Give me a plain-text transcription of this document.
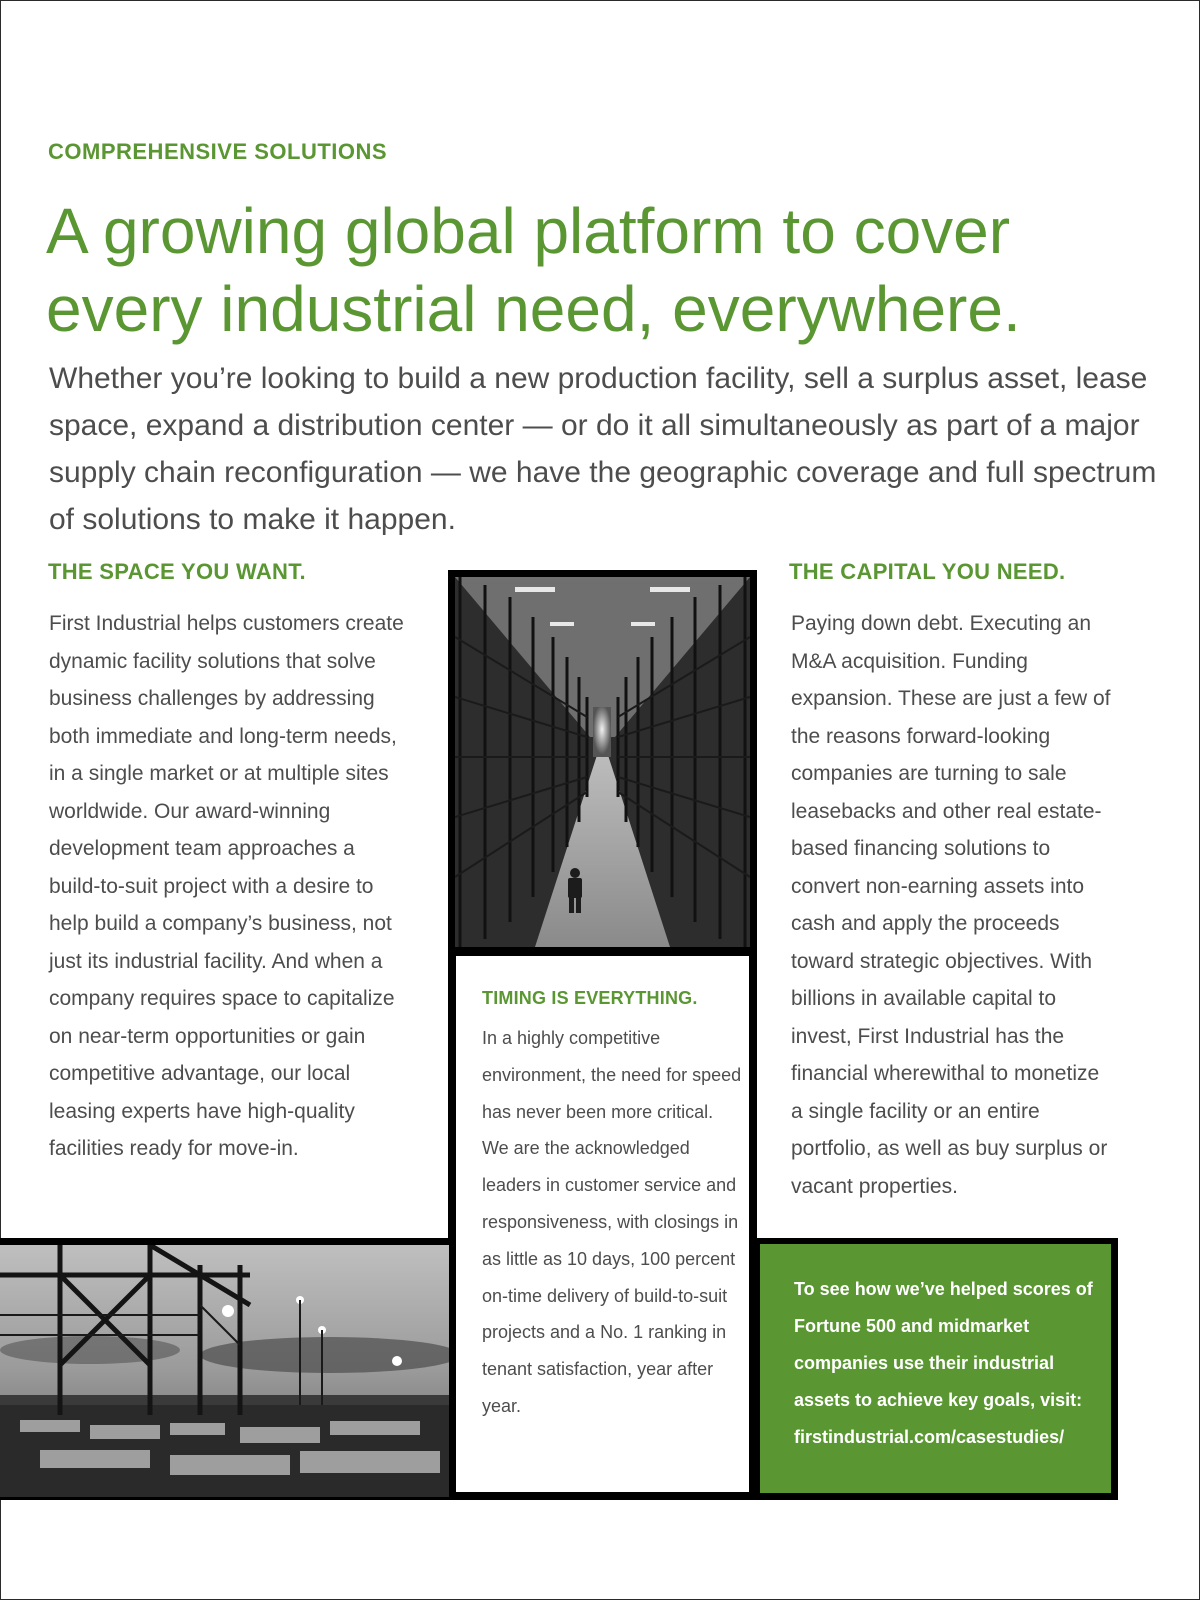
COMPREHENSIVE SOLUTIONS
A growing global platform to cover every industrial need, everywhere.

Whether you’re looking to build a new production facility, sell a surplus asset, lease space, expand a distribution center — or do it all simultaneously as part of a major supply chain reconfiguration — we have the geographic coverage and full spectrum of solutions to make it happen.

THE SPACE YOU WANT.

First Industrial helps customers create dynamic facility solutions that solve business challenges by addressing both immediate and long-term needs, in a single market or at multiple sites worldwide. Our award-winning development team approaches a build-to-suit project with a desire to help build a company’s business, not just its industrial facility. And when a company requires space to capitalize on near-term opportunities or gain competitive advantage, our local leasing experts have high-quality facilities ready for move-in.

TIMING IS EVERYTHING.

In a highly competitive environment, the need for speed has never been more critical. We are the acknowledged leaders in customer service and responsiveness, with closings in as little as 10 days, 100 percent on-time delivery of build-to-suit projects and a No. 1 ranking in tenant satisfaction, year after year.

THE CAPITAL YOU NEED.

Paying down debt. Executing an M&A acquisition. Funding expansion. These are just a few of the reasons forward-looking companies are turning to sale leasebacks and other real estate-based financing solutions to convert non-earning assets into cash and apply the proceeds toward strategic objectives. With billions in available capital to invest, First Industrial has the financial wherewithal to monetize a single facility or an entire portfolio, as well as buy surplus or vacant properties.

To see how we’ve helped scores of Fortune 500 and midmarket companies use their industrial assets to achieve key goals, visit: firstindustrial.com/casestudies/
